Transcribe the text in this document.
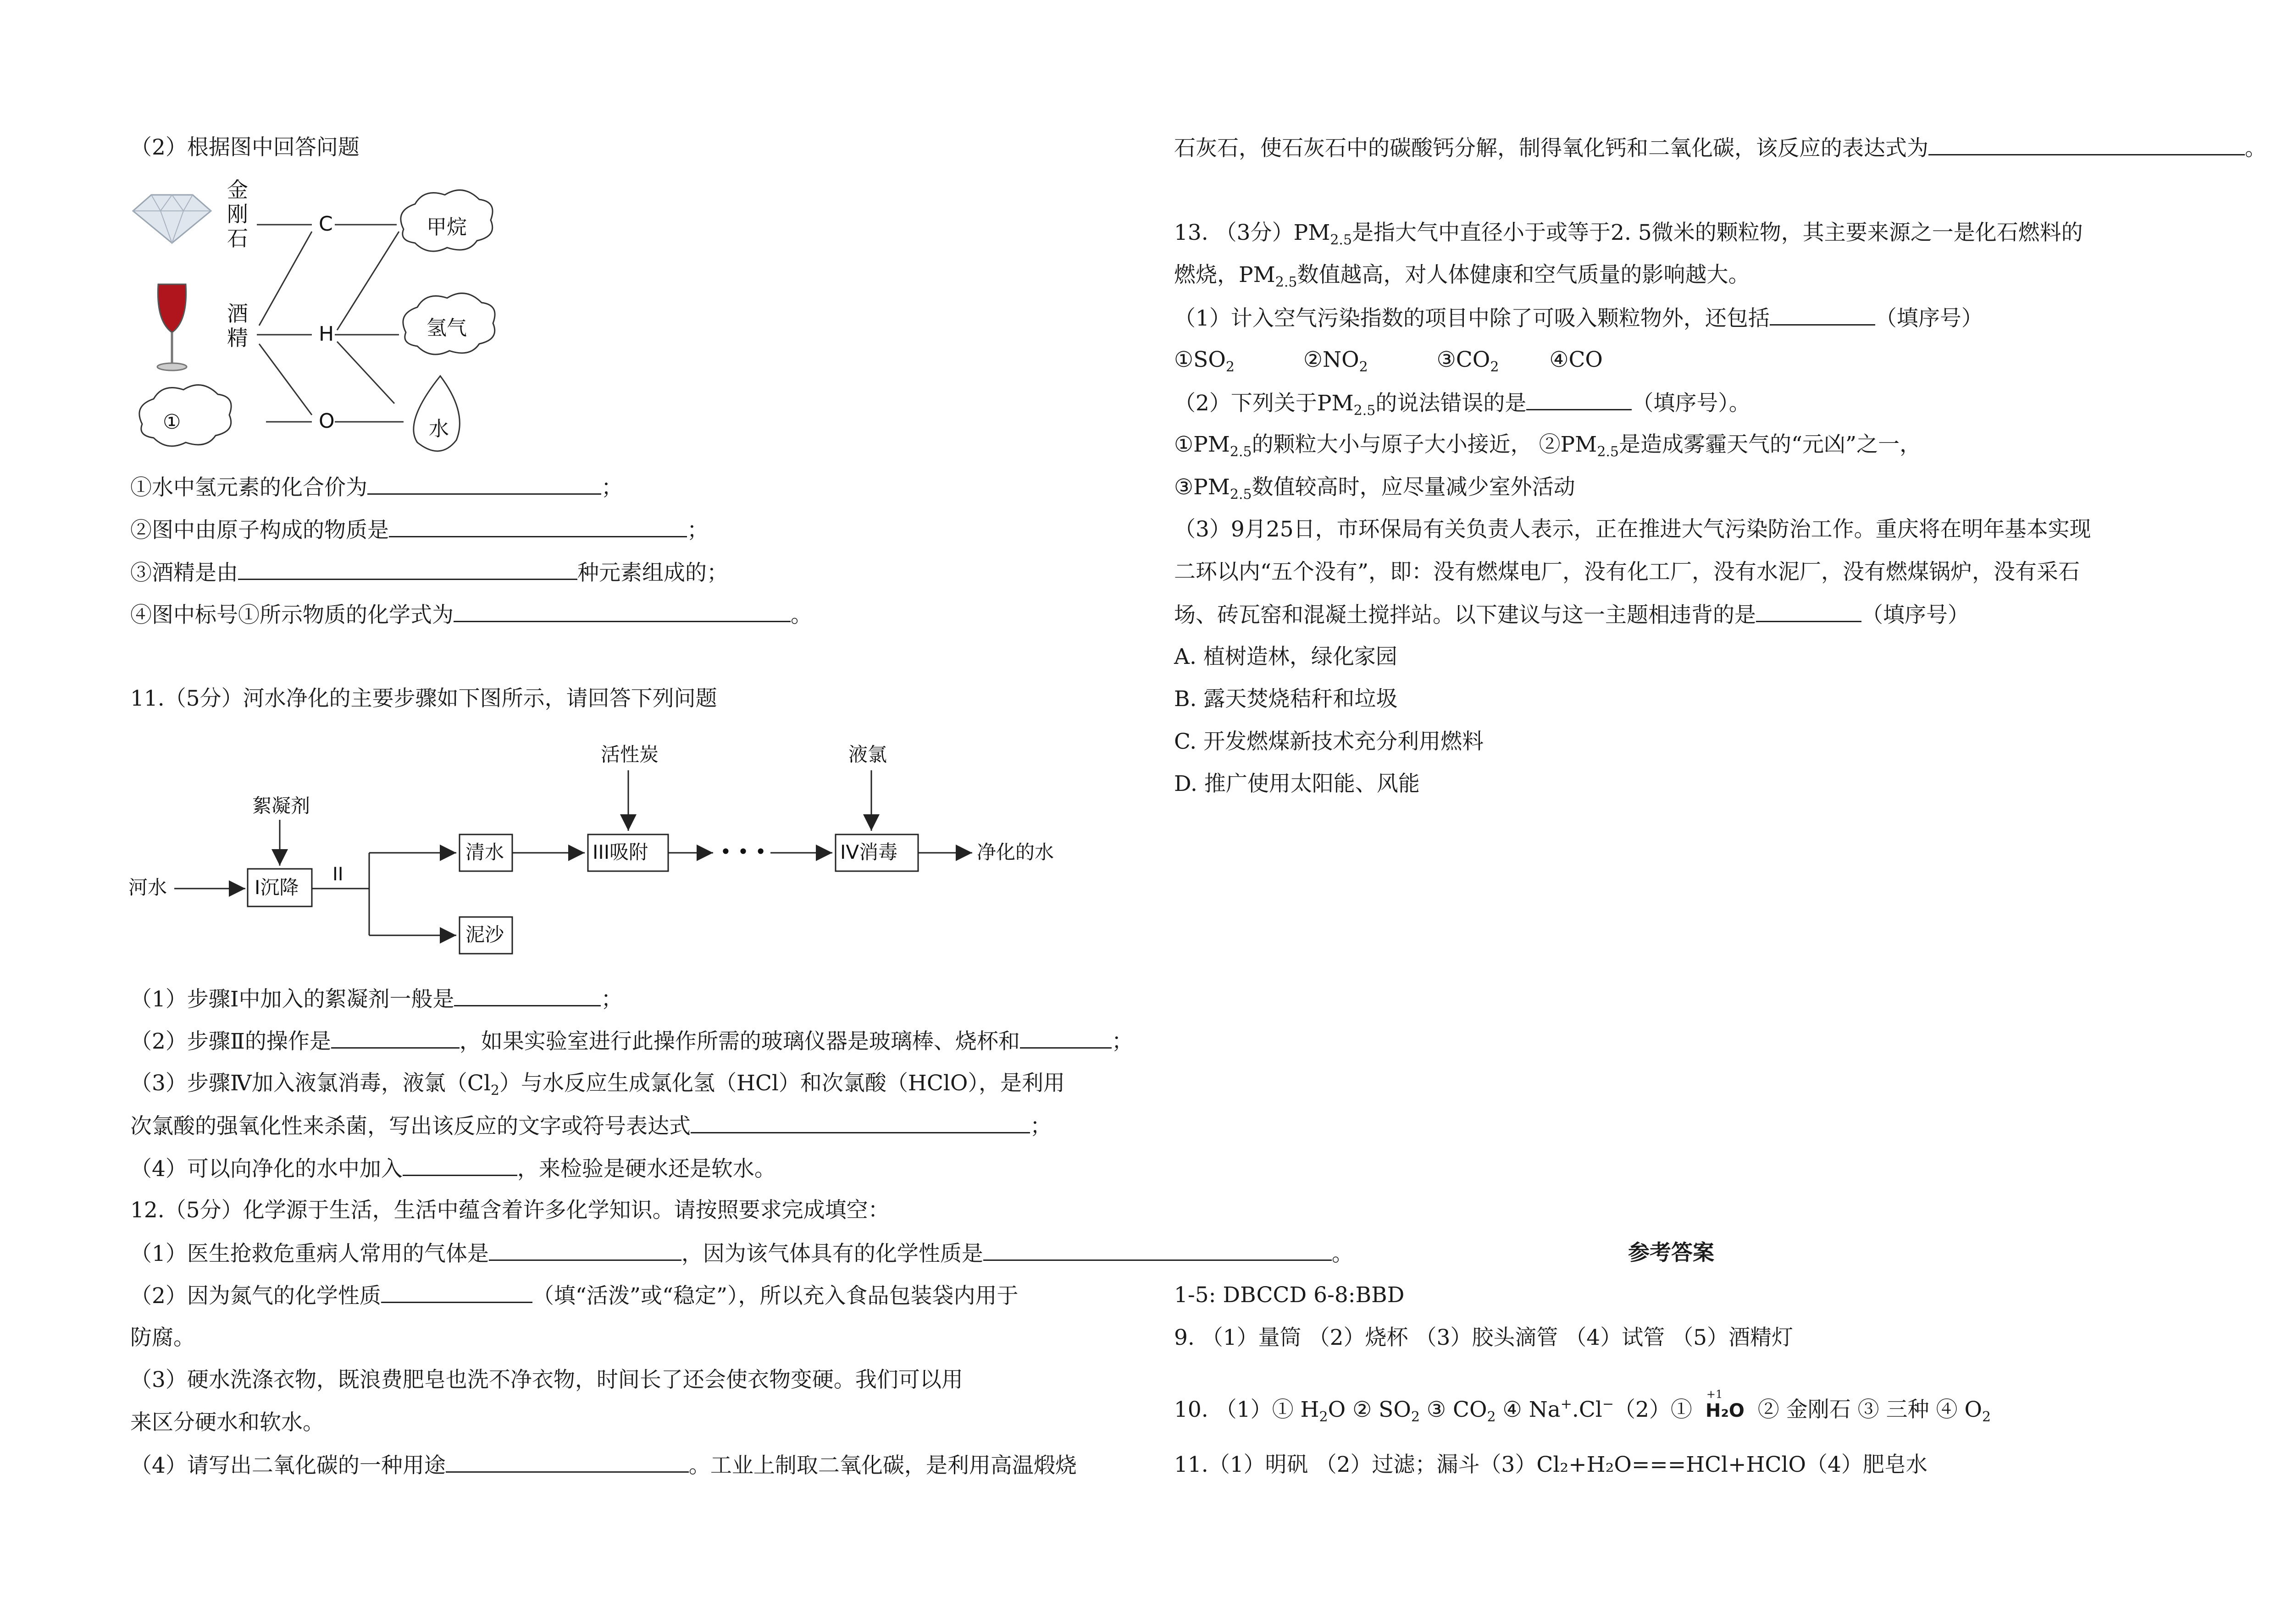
（2）根据图中回答问题
金
刚
石
酒
精
C
H
O
甲烷
氢气
①	水
①水中氢元素的化合价为	；
②图中由原子构成的物质是	；
③酒精是由	种元素组成的；
④图中标号①所示物质的化学式为	。
11.（5分）河水净化的主要步骤如下图所示，请回答下列问题
河水
絮凝剂
I沉降
II
清水
泥沙
活性炭
III吸附	• • •
液氯
IV消毒	净化的水
（1）步骤Ⅰ中加入的絮凝剂一般是	；
（2）步骤Ⅱ的操作是	，如果实验室进行此操作所需的玻璃仪器是玻璃棒、烧杯和	；
（3）步骤Ⅳ加入液氯消毒，液氯$(Cl_2)$与水反应生成氯化氢（HCl）和次氯酸（HClO），是利用
次氯酸的强氧化性来杀菌，写出该反应的文字或符号表达式	；
（4）可以向净化的水中加入	，来检验是硬水还是软水。
12.（5分）化学源于生活，生活中蕴含着许多化学知识。请按照要求完成填空：
（1）医生抢救危重病人常用的气体是	，因为该气体具有的化学性质是	。
（2）因为氮气的化学性质	（填“活泼”或“稳定”），所以充入食品包装袋内用于
防腐。
（3）硬水洗涤衣物，既浪费肥皂也洗不净衣物，时间长了还会使衣物变硬。我们可以用
来区分硬水和软水。
（4）请写出二氧化碳的一种用途	。工业上制取二氧化碳，是利用高温煅烧
石灰石，使石灰石中的碳酸钙分解，制得氧化钙和二氧化碳，该反应的表达式为	。
13. （3分）$PM_{2.5}$是指大气中直径小于或等于2. 5微米的颗粒物，其主要来源之一是化石燃料的
燃烧，$PM_{2.5}$数值越高，对人体健康和空气质量的影响越大。
（1）计入空气污染指数的项目中除了可吸入颗粒物外，还包括	（填序号）
$①SO_2$	$②NO_2$	$③CO_2$ ④CO
（2）下列关于$PM_{2.5}$的说法错误的是	（填序号）。
$①PM_{2.5}$的颗粒大小与原子大小接近， $②PM_{2.5}$是造成雾霾天气的“元凶”之一，
$③PM_{2.5}$数值较高时，应尽量减少室外活动
（3）9月25日，市环保局有关负责人表示，正在推进大气污染防治工作。重庆将在明年基本实现
二环以内“五个没有”，即：没有燃煤电厂，没有化工厂，没有水泥厂，没有燃煤锅炉，没有采石
场、砖瓦窑和混凝土搅拌站。以下建议与这一主题相违背的是	（填序号）
A. 植树造林，绿化家园
B. 露天焚烧秸秆和垃圾
C. 开发燃煤新技术充分利用燃料
D. 推广使用太阳能、风能
参考答案
1-5: DBCCD 6-8:BBD
9. （1）量筒 （2）烧杯 （3）胶头滴管 （4）试管 （5）酒精灯
10. （1）① $H_2O$ ② $SO_2$ ③ $CO_2$ ④ Na+.Cl−（2）①
+1
H₂O ② 金刚石 ③ 三种 ④ $O_2$
11.（1）明矾 （2）过滤；漏斗（3）Cl₂+H₂O===HCl+HClO（4）肥皂水
